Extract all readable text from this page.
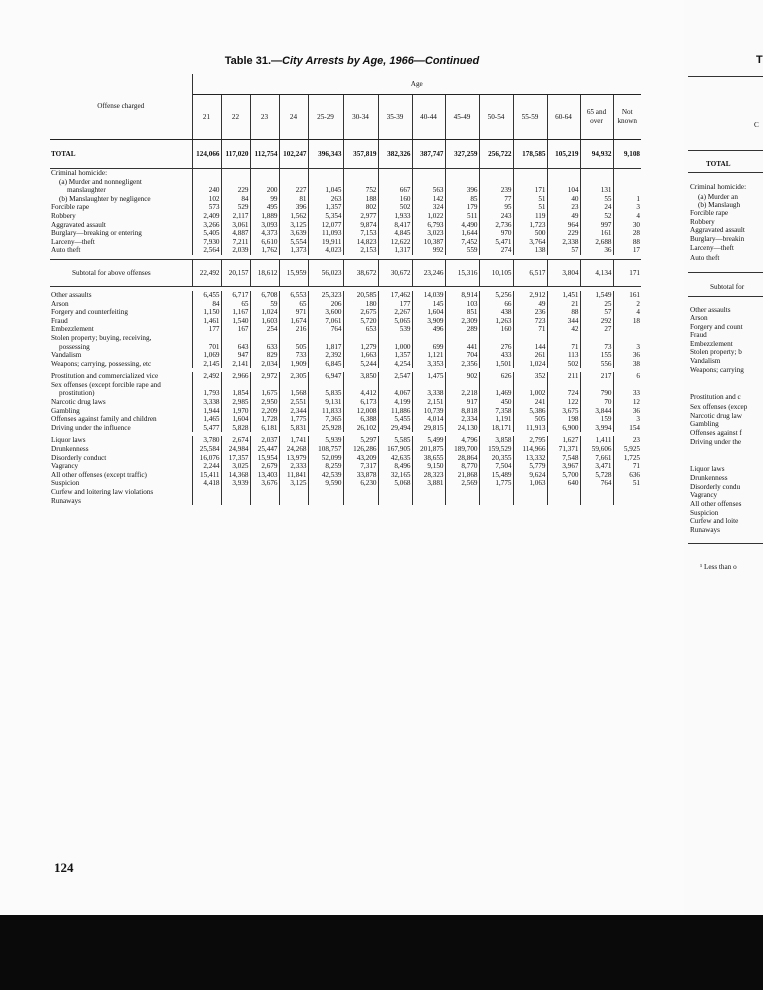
Table 31.—City Arrests by Age, 1966—Continued
Offense charged	Age													
	21	22	23	24	25-29	30-34	35-39	40-44	45-49	50-54	55-59	60-64	65 and over	Not known
TOTAL	124,066	117,020	112,754	102,247	396,343	357,819	382,326	387,747	327,259	256,722	178,585	105,219	94,932	9,108
Criminal homicide:														
(a) Murder and nonnegligent														
manslaughter	240	229	200	227	1,045	752	667	563	396	239	171	104	131	
(b) Manslaughter by negligence	102	84	99	81	263	188	160	142	85	77	51	40	55	1
Forcible rape	573	529	495	396	1,357	802	502	324	179	95	51	23	24	3
Robbery	2,409	2,117	1,889	1,562	5,354	2,977	1,933	1,022	511	243	119	49	52	4
Aggravated assault	3,266	3,061	3,093	3,125	12,077	9,874	8,417	6,793	4,490	2,736	1,723	964	997	30
Burglary—breaking or entering	5,405	4,887	4,373	3,639	11,093	7,153	4,845	3,023	1,644	970	500	229	161	28
Larceny—theft	7,930	7,211	6,610	5,554	19,911	14,823	12,622	10,387	7,452	5,471	3,764	2,338	2,688	88
Auto theft	2,564	2,039	1,762	1,373	4,023	2,153	1,317	992	559	274	138	57	36	17

Subtotal for above offenses	22,492	20,157	18,612	15,959	56,023	38,672	30,672	23,246	15,316	10,105	6,517	3,804	4,134	171

Other assaults	6,455	6,717	6,708	6,553	25,323	20,585	17,462	14,039	8,914	5,256	2,912	1,451	1,549	161
Arson	84	65	59	65	206	180	177	145	103	66	49	21	25	2
Forgery and counterfeiting	1,150	1,167	1,024	971	3,600	2,675	2,267	1,604	851	438	236	88	57	4
Fraud	1,461	1,540	1,603	1,674	7,061	5,720	5,065	3,909	2,309	1,263	723	344	292	18
Embezzlement	177	167	254	216	764	653	539	496	289	160	71	42	27	
Stolen property; buying, receiving,														
possessing	701	643	633	505	1,817	1,279	1,000	699	441	276	144	71	73	3
Vandalism	1,069	947	829	733	2,392	1,663	1,357	1,121	704	433	261	113	155	36
Weapons; carrying, possessing, etc	2,145	2,141	2,034	1,909	6,845	5,244	4,254	3,353	2,356	1,501	1,024	502	556	38

Prostitution and commercialized vice	2,492	2,966	2,972	2,305	6,947	3,850	2,547	1,475	902	626	352	211	217	6
Sex offenses (except forcible rape and														
prostitution)	1,793	1,854	1,675	1,568	5,835	4,412	4,067	3,338	2,218	1,469	1,002	724	790	33
Narcotic drug laws	3,338	2,985	2,950	2,551	9,131	6,173	4,199	2,151	917	450	241	122	70	12
Gambling	1,944	1,970	2,209	2,344	11,833	12,008	11,886	10,739	8,818	7,358	5,386	3,675	3,844	36
Offenses against family and children	1,465	1,604	1,728	1,775	7,365	6,388	5,455	4,014	2,334	1,191	505	198	159	3
Driving under the influence	5,477	5,828	6,181	5,831	25,928	26,102	29,494	29,815	24,130	18,171	11,913	6,900	3,994	154

Liquor laws	3,780	2,674	2,037	1,741	5,939	5,297	5,585	5,499	4,796	3,858	2,795	1,627	1,411	23
Drunkenness	25,584	24,984	25,447	24,268	108,757	126,286	167,905	201,875	189,700	159,529	114,966	71,371	59,606	5,925
Disorderly conduct	16,076	17,357	15,954	13,979	52,099	43,209	42,635	38,655	28,864	20,355	13,332	7,548	7,661	1,725
Vagrancy	2,244	3,025	2,679	2,333	8,259	7,317	8,496	9,150	8,770	7,504	5,779	3,967	3,471	71
All other offenses (except traffic)	15,411	14,368	13,403	11,841	42,539	33,878	32,165	28,323	21,868	15,489	9,624	5,700	5,728	636
Suspicion	4,418	3,939	3,676	3,125	9,590	6,230	5,068	3,881	2,569	1,775	1,063	640	764	51
Curfew and loitering law violations														
Runaways														
124
T
TOTAL
Criminal homicide:
(a) Murder an
(b) Manslaugh
Forcible rape
Robbery
Aggravated assault
Burglary—breakin
Larceny—theft
Auto theft
Subtotal for
Other assaults
Arson
Forgery and count
Fraud
Embezzlement
Stolen property; b
Vandalism
Weapons; carrying
Prostitution and c
Sex offenses (excep
Narcotic drug law
Gambling
Offenses against f
Driving under the
Liquor laws
Drunkenness
Disorderly condu
Vagrancy
All other offenses
Suspicion
Curfew and loite
Runaways
¹ Less than o
C
